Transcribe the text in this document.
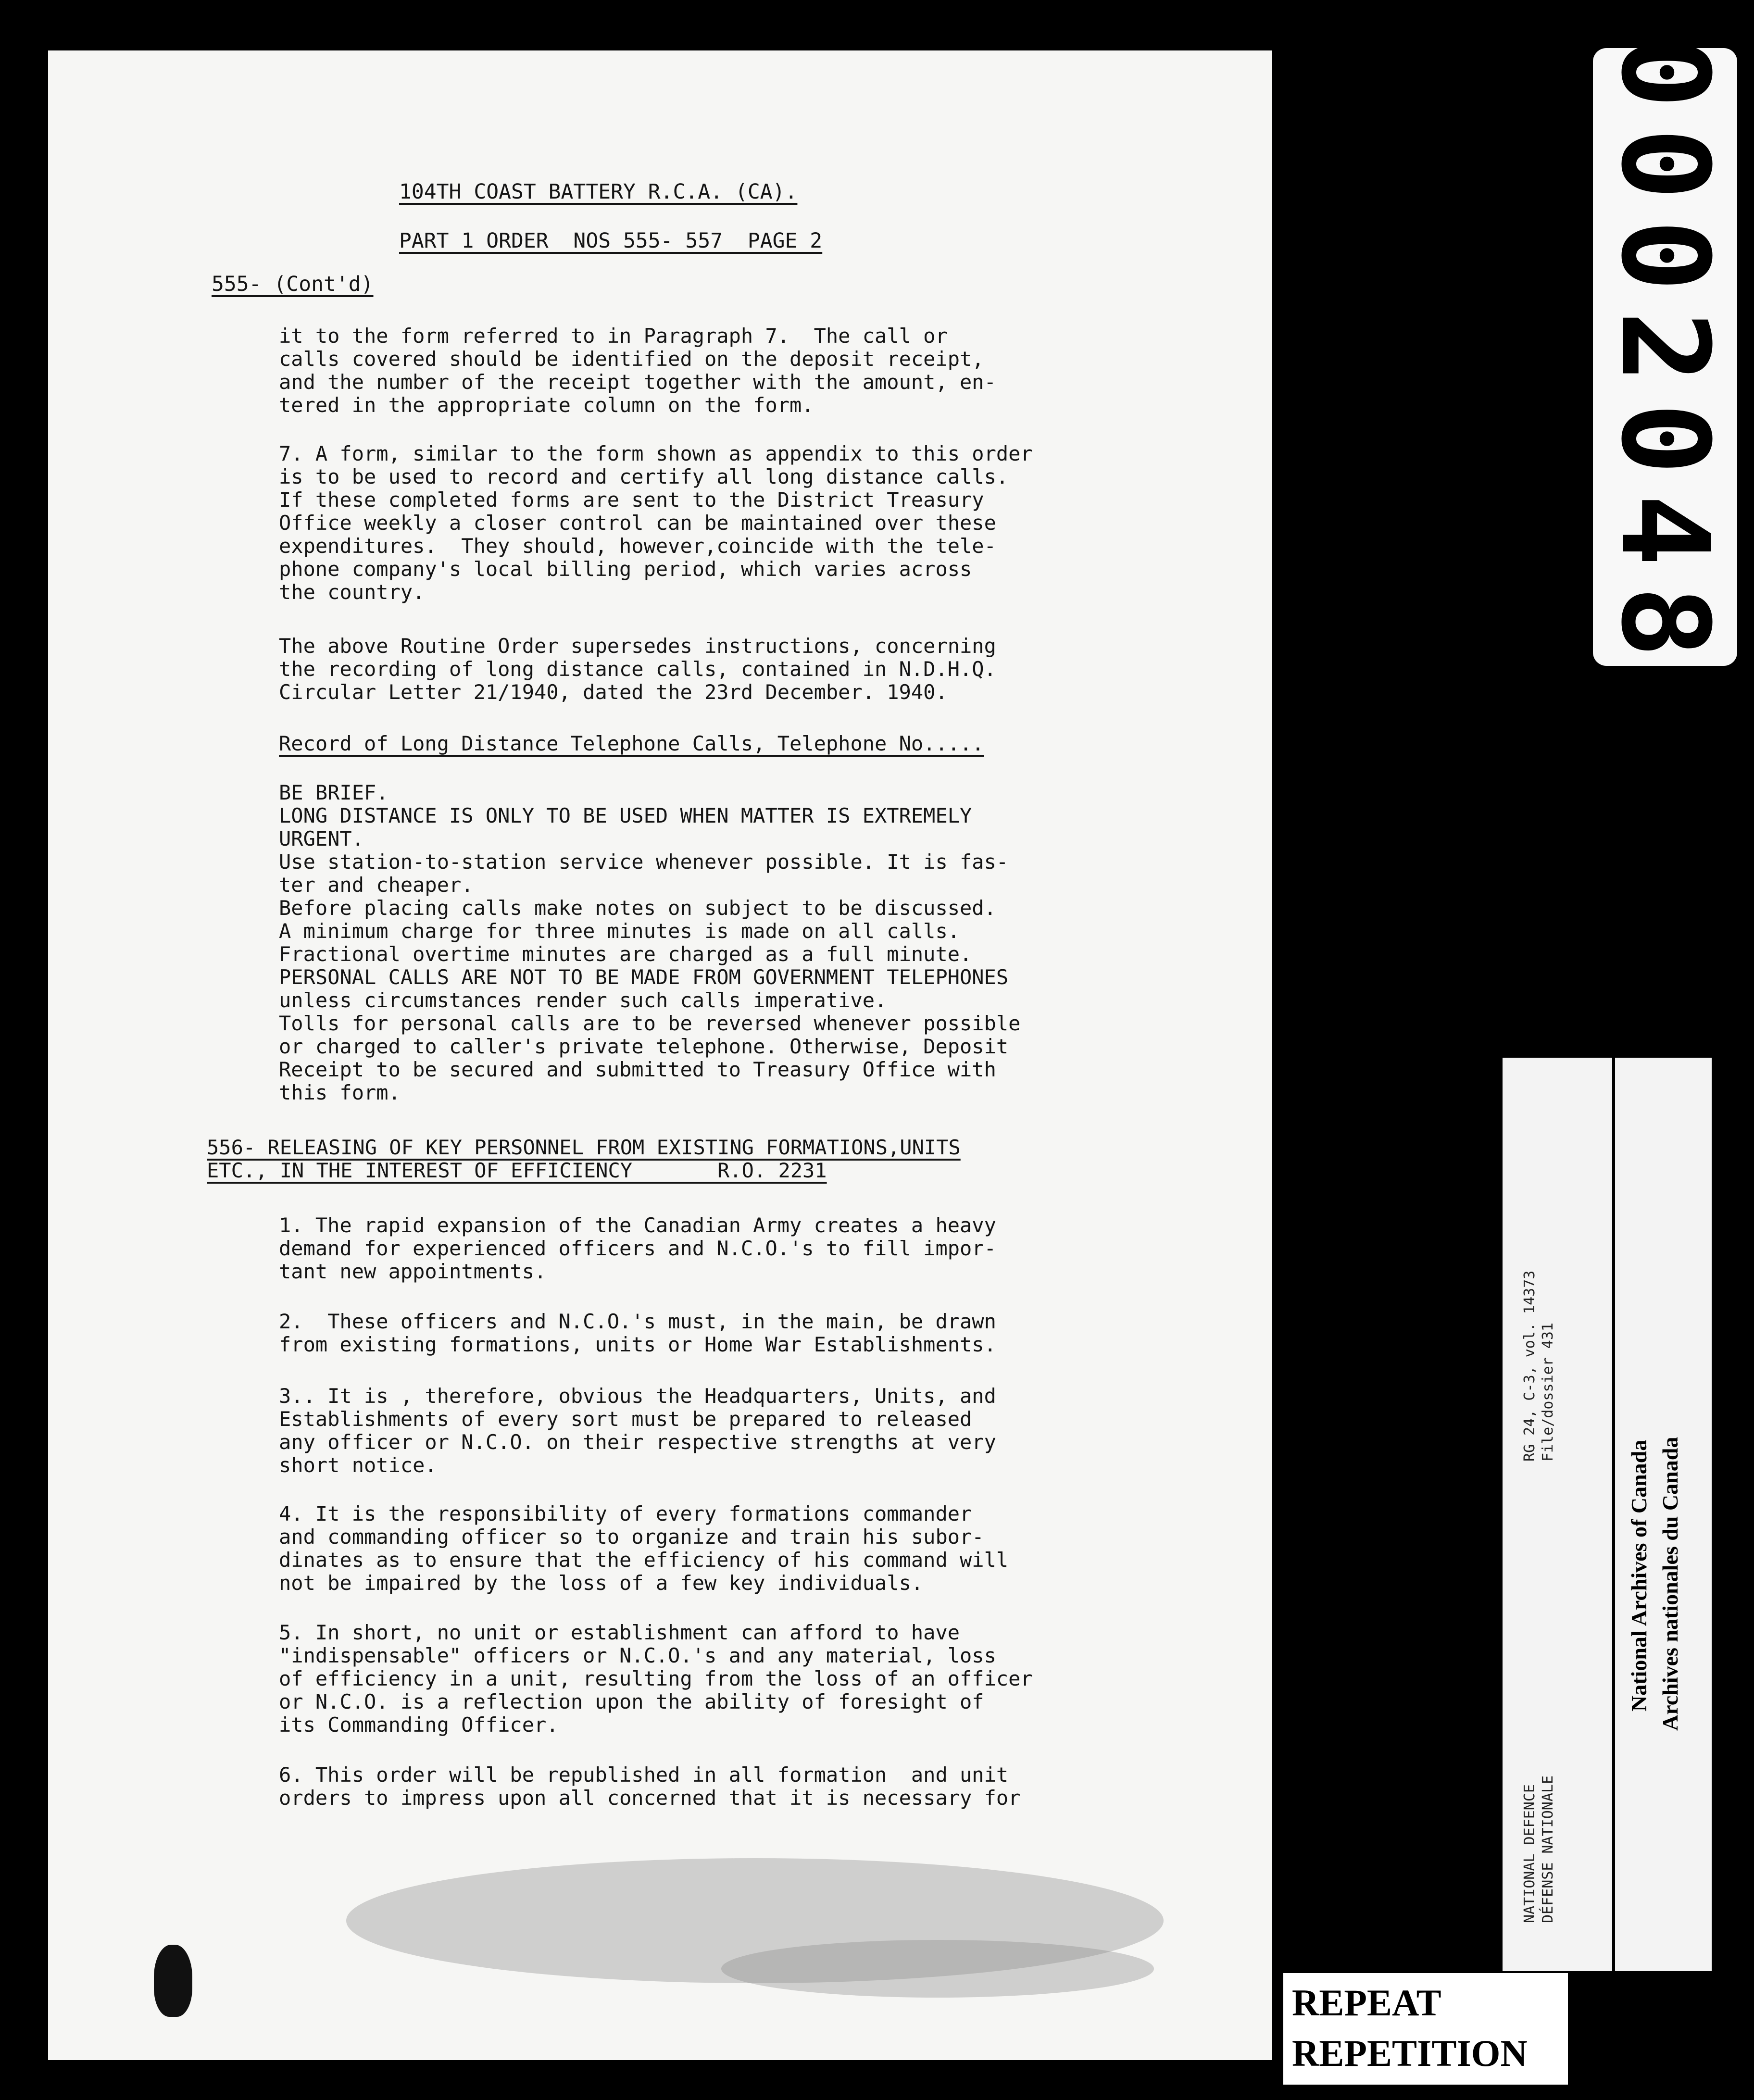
104TH COAST BATTERY R.C.A. (CA).
PART 1 ORDER  NOS 555- 557  PAGE 2
555- (Cont'd)
it to the form referred to in Paragraph 7.  The call or
calls covered should be identified on the deposit receipt,
and the number of the receipt together with the amount, en-
tered in the appropriate column on the form.
7. A form, similar to the form shown as appendix to this order
is to be used to record and certify all long distance calls.
If these completed forms are sent to the District Treasury
Office weekly a closer control can be maintained over these
expenditures.  They should, however,coincide with the tele-
phone company's local billing period, which varies across
the country.
The above Routine Order supersedes instructions, concerning
the recording of long distance calls, contained in N.D.H.Q.
Circular Letter 21/1940, dated the 23rd December. 1940.
Record of Long Distance Telephone Calls, Telephone No.....
BE BRIEF.
LONG DISTANCE IS ONLY TO BE USED WHEN MATTER IS EXTREMELY
URGENT.
Use station-to-station service whenever possible. It is fas-
ter and cheaper.
Before placing calls make notes on subject to be discussed.
A minimum charge for three minutes is made on all calls.
Fractional overtime minutes are charged as a full minute.
PERSONAL CALLS ARE NOT TO BE MADE FROM GOVERNMENT TELEPHONES
unless circumstances render such calls imperative.
Tolls for personal calls are to be reversed whenever possible
or charged to caller's private telephone. Otherwise, Deposit
Receipt to be secured and submitted to Treasury Office with
this form.
556- RELEASING OF KEY PERSONNEL FROM EXISTING FORMATIONS,UNITS
ETC., IN THE INTEREST OF EFFICIENCY       R.O. 2231
1. The rapid expansion of the Canadian Army creates a heavy
demand for experienced officers and N.C.O.'s to fill impor-
tant new appointments.
2.  These officers and N.C.O.'s must, in the main, be drawn
from existing formations, units or Home War Establishments.
3.. It is , therefore, obvious the Headquarters, Units, and
Establishments of every sort must be prepared to released
any officer or N.C.O. on their respective strengths at very
short notice.
4. It is the responsibility of every formations commander
and commanding officer so to organize and train his subor-
dinates as to ensure that the efficiency of his command will
not be impaired by the loss of a few key individuals.
5. In short, no unit or establishment can afford to have
"indispensable" officers or N.C.O.'s and any material, loss
of efficiency in a unit, resulting from the loss of an officer
or N.C.O. is a reflection upon the ability of foresight of
its Commanding Officer.
6. This order will be republished in all formation  and unit
orders to impress upon all concerned that it is necessary for
0002048
RG 24, C-3, vol. 14373 File/dossier 431
NATIONAL DEFENCE DÉFENSE NATIONALE
National Archives of Canada Archives nationales du Canada
REPEAT
REPETITION
